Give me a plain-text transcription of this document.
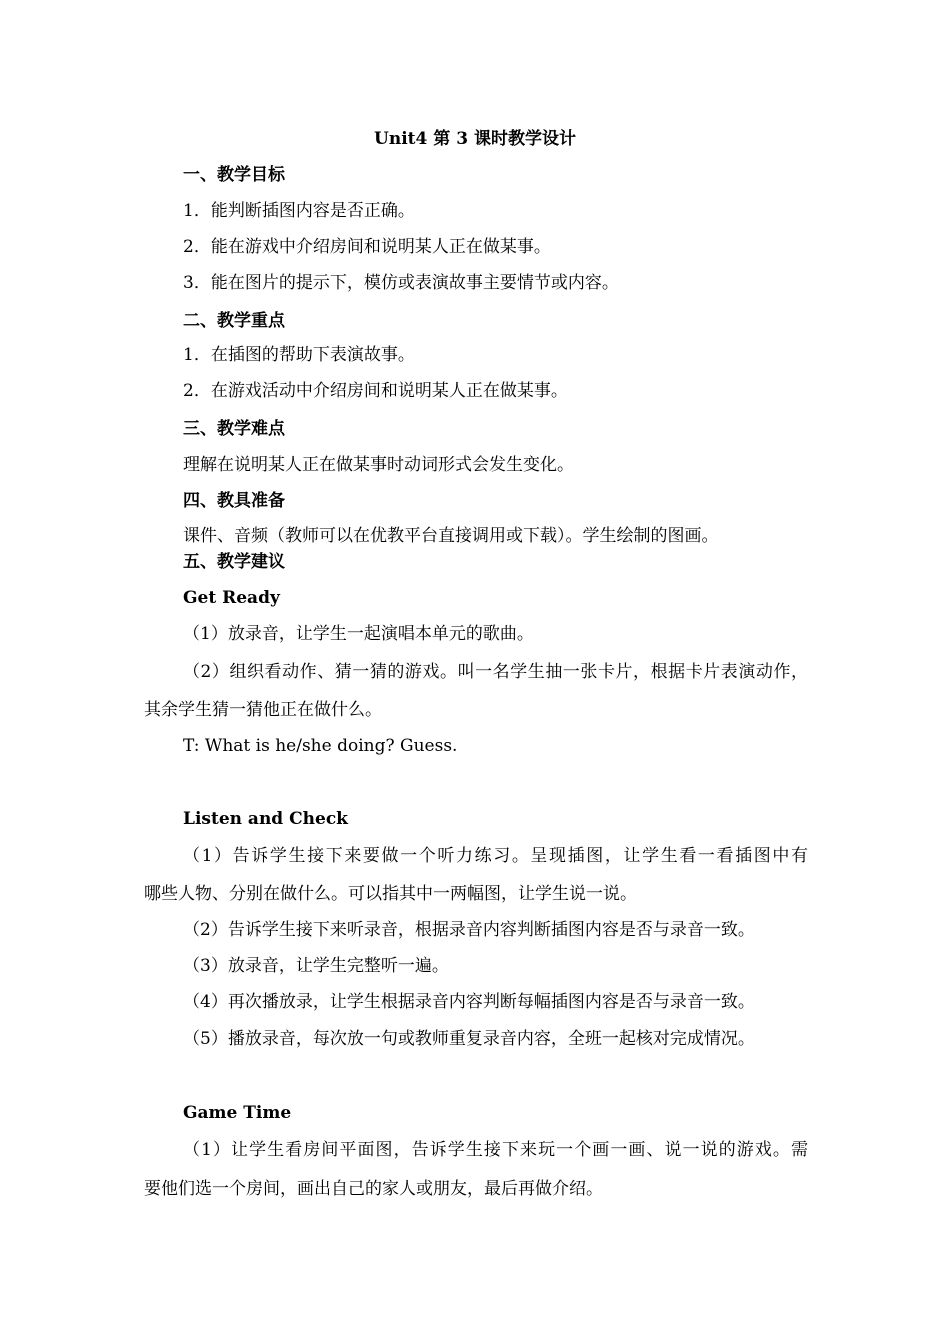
Unit4 第 3 课时教学设计
一、教学目标
1．能判断插图内容是否正确。
2．能在游戏中介绍房间和说明某人正在做某事。
3．能在图片的提示下，模仿或表演故事主要情节或内容。
二、教学重点
1．在插图的帮助下表演故事。
2．在游戏活动中介绍房间和说明某人正在做某事。
三、教学难点
理解在说明某人正在做某事时动词形式会发生变化。
四、教具准备
课件、音频（教师可以在优教平台直接调用或下载）。学生绘制的图画。
五、教学建议
Get Ready
（1）放录音，让学生一起演唱本单元的歌曲。
（2）组织看动作、猜一猜的游戏。叫一名学生抽一张卡片，根据卡片表演动作，
其余学生猜一猜他正在做什么。
T: What is he/she doing? Guess.
Listen and Check
（1）告诉学生接下来要做一个听力练习。呈现插图，让学生看一看插图中有
哪些人物、分别在做什么。可以指其中一两幅图，让学生说一说。
（2）告诉学生接下来听录音，根据录音内容判断插图内容是否与录音一致。
（3）放录音，让学生完整听一遍。
（4）再次播放录，让学生根据录音内容判断每幅插图内容是否与录音一致。
（5）播放录音，每次放一句或教师重复录音内容，全班一起核对完成情况。
Game Time
（1）让学生看房间平面图，告诉学生接下来玩一个画一画、说一说的游戏。需
要他们选一个房间，画出自己的家人或朋友，最后再做介绍。
